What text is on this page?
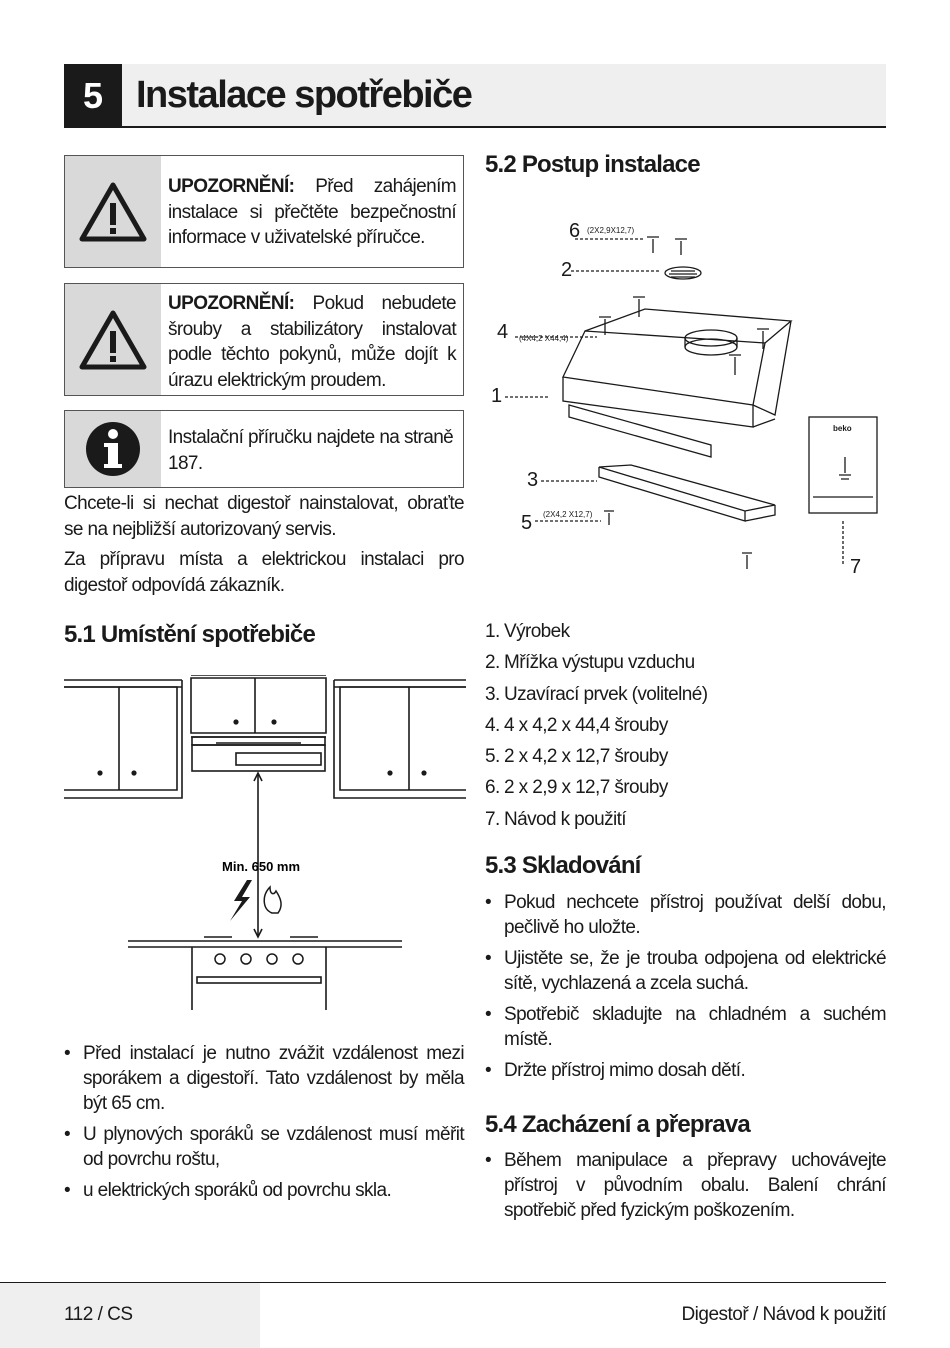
5 Instalace spotřebiče
UPOZORNĚNÍ: Před zahájením instalace si přečtěte bezpečnostní informace v uživatelské příručce.
UPOZORNĚNÍ: Pokud nebudete šrouby a stabilizátory instalovat podle těchto pokynů, může dojít k úrazu elektrickým proudem.
Instalační příručku najdete na straně 187.
Chcete-li si nechat digestoř nainstalovat, obraťte se na nejbližší autorizovaný servis.
Za přípravu místa a elektrickou instalaci pro digestoř odpovídá zákazník.
5.1 Umístění spotřebiče
Min. 650 mm
• Před instalací je nutno zvážit vzdálenost mezi sporákem a digestoří. Tato vzdálenost by měla být 65 cm.
• U plynových sporáků se vzdálenost musí měřit od povrchu roštu,
• u elektrických sporáků od povrchu skla.
5.2 Postup instalace
6
2
4
1
3
5
7
(2X2,9X12,7)
(4X4,2 X44,4)
(2X4,2 X12,7)
beko
1. Výrobek
2. Mřížka výstupu vzduchu
3. Uzavírací prvek (volitelné)
4. 4 x 4,2 x 44,4 šrouby
5. 2 x 4,2 x 12,7 šrouby
6. 2 x 2,9 x 12,7 šrouby
7. Návod k použití
5.3 Skladování
• Pokud nechcete přístroj používat delší dobu, pečlivě ho uložte.
• Ujistěte se, že je trouba odpojena od elektrické sítě, vychlazená a zcela suchá.
• Spotřebič skladujte na chladném a suchém místě.
• Držte přístroj mimo dosah dětí.
5.4 Zacházení a přeprava
• Během manipulace a přepravy uchovávejte přístroj v původním obalu. Balení chrání spotřebič před fyzickým poškozením.
112 / CS	Digestoř / Návod k použití
